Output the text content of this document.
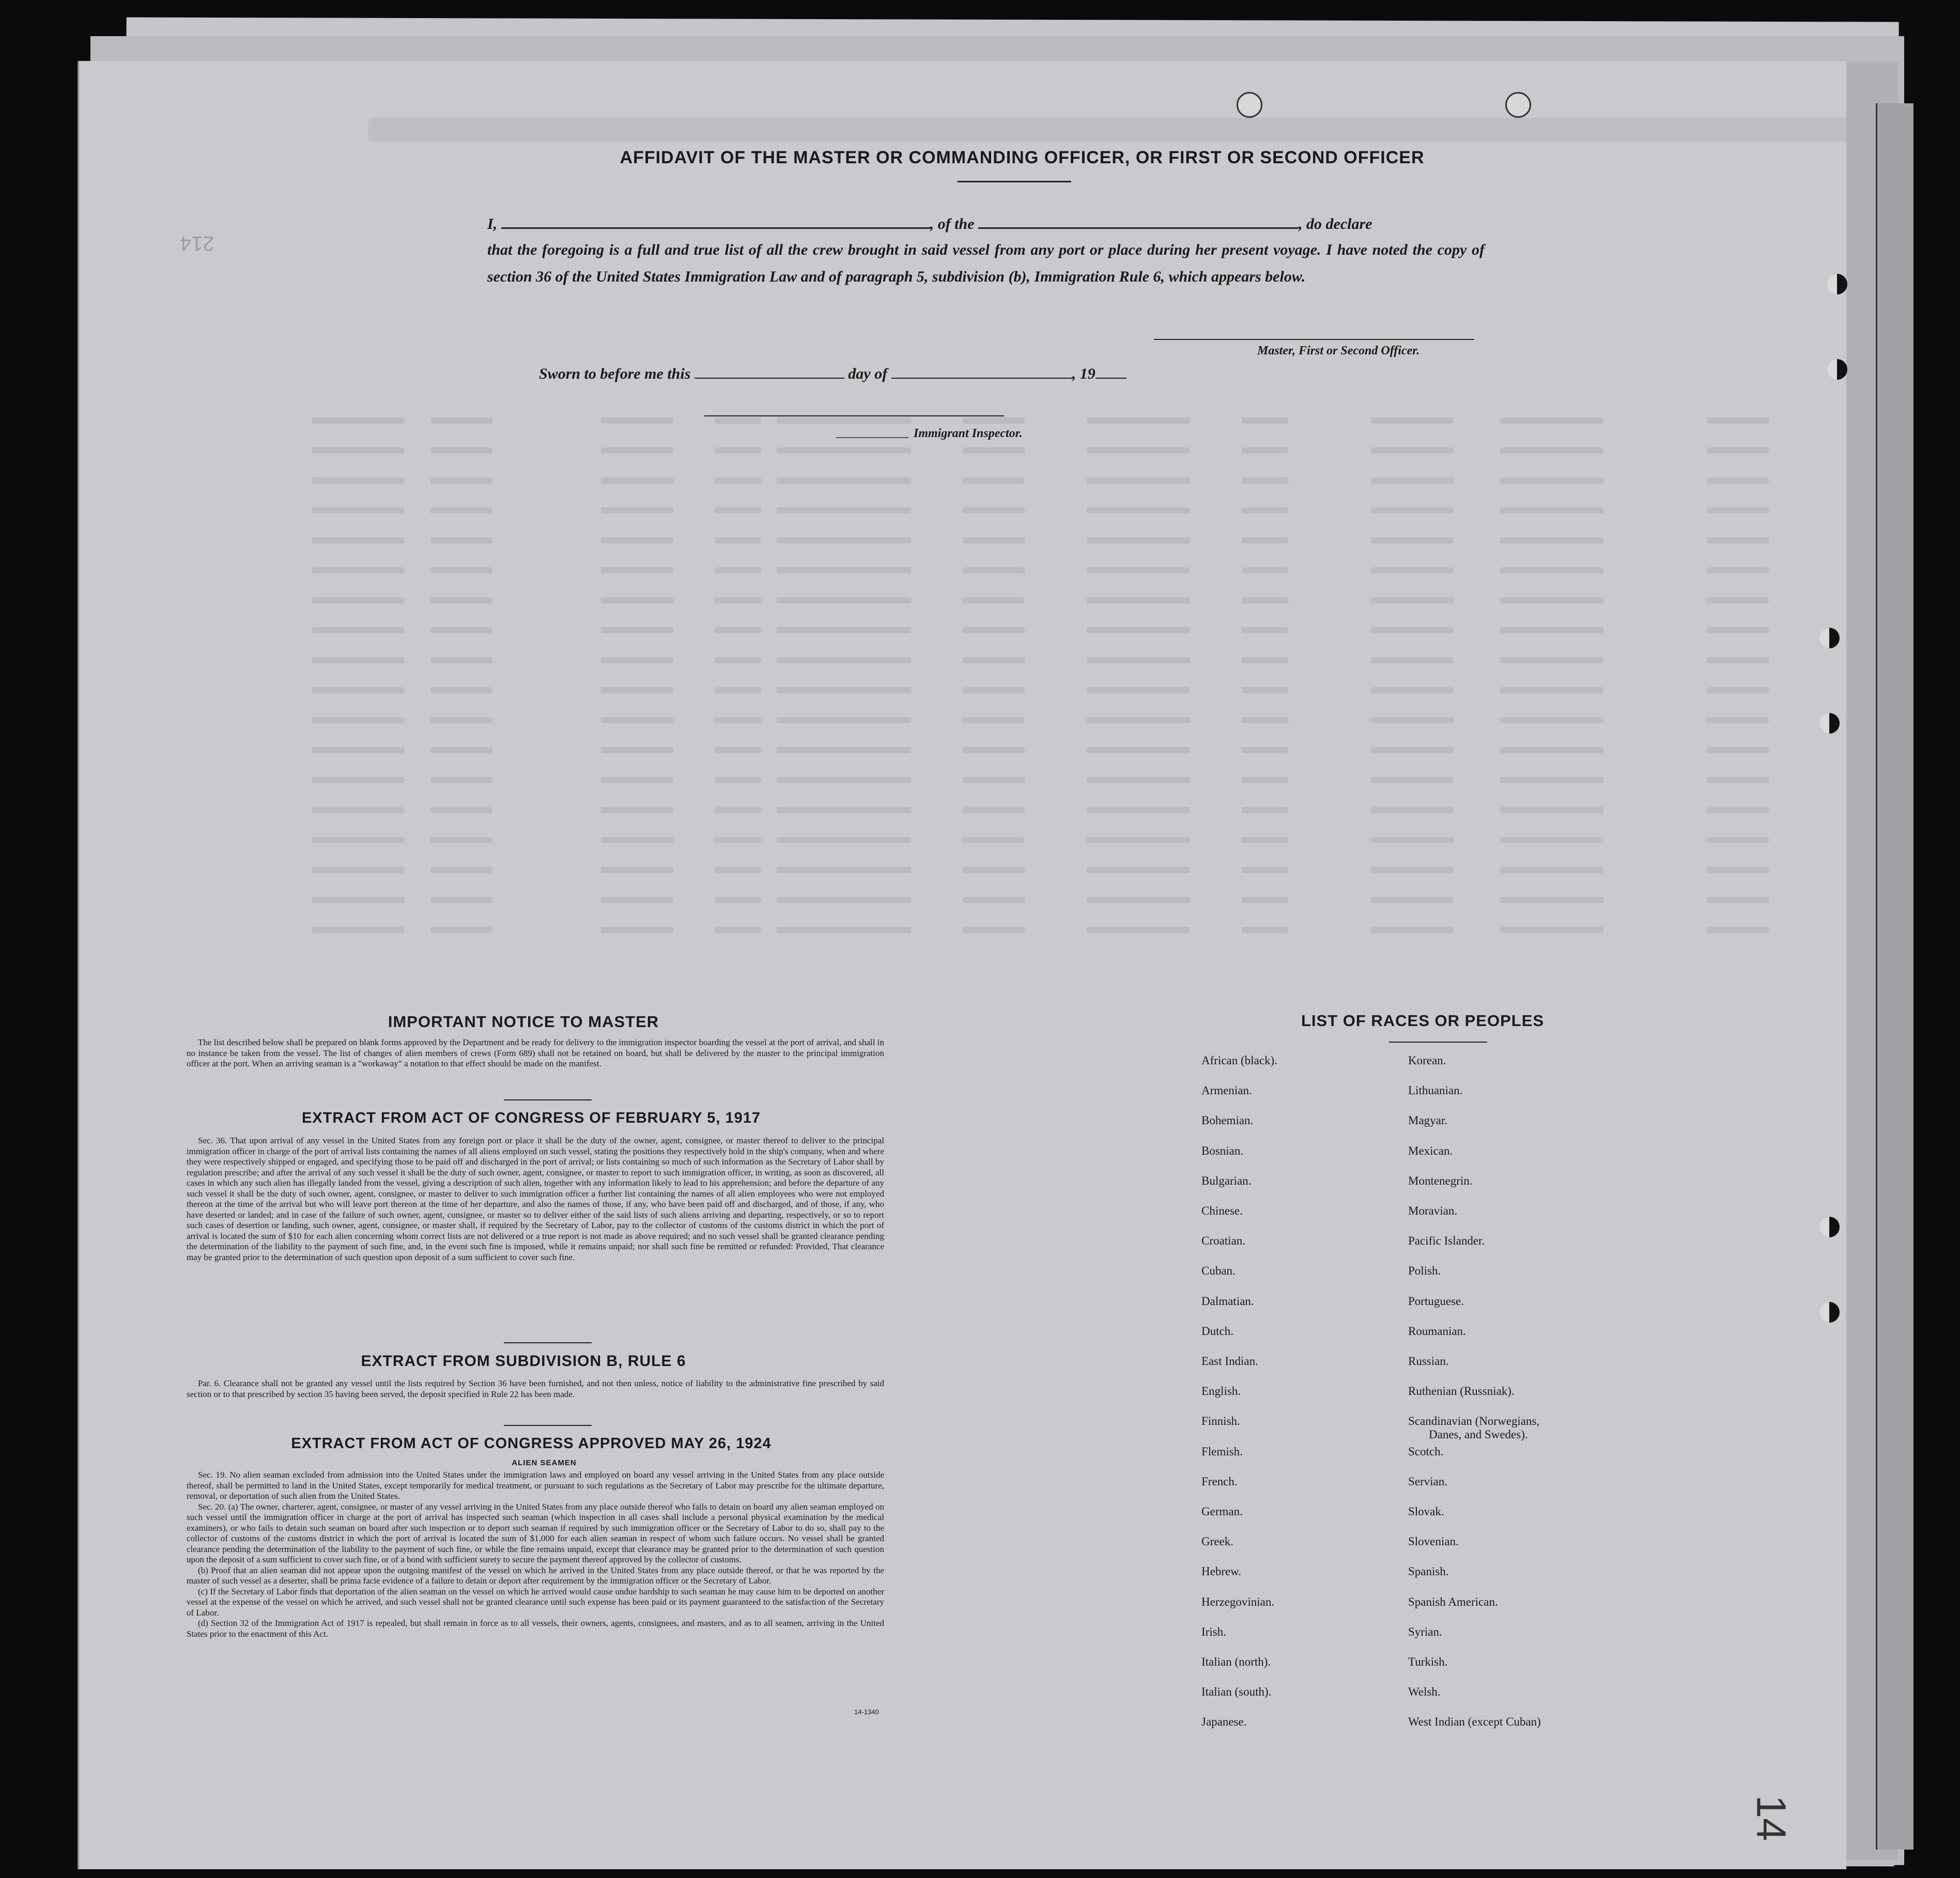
214
14
AFFIDAVIT OF THE MASTER OR COMMANDING OFFICER, OR FIRST OR SECOND OFFICER
I,	, of the	, do declare
that the foregoing is a full and true list of all the crew brought in said vessel from any port or place during her present voyage. I have noted the copy of section 36 of the United States Immigration Law and of paragraph 5, subdivision (b), Immigration Rule 6, which appears below.
Master, First or Second Officer.
Sworn to before me this	day of	, 19
Immigrant Inspector.
IMPORTANT NOTICE TO MASTER

The list described below shall be prepared on blank forms approved by the Department and be ready for delivery to the immigration inspector boarding the vessel at the port of arrival, and shall in no instance be taken from the vessel. The list of changes of alien members of crews (Form 689) shall not be retained on board, but shall be delivered by the master to the principal immigration officer at the port. When an arriving seaman is a "workaway" a notation to that effect should be made on the manifest.

EXTRACT FROM ACT OF CONGRESS OF FEBRUARY 5, 1917

Sec. 36. That upon arrival of any vessel in the United States from any foreign port or place it shall be the duty of the owner, agent, consignee, or master thereof to deliver to the principal immigration officer in charge of the port of arrival lists containing the names of all aliens employed on such vessel, stating the positions they respectively hold in the ship's company, when and where they were respectively shipped or engaged, and specifying those to be paid off and discharged in the port of arrival; or lists containing so much of such information as the Secretary of Labor shall by regulation prescribe; and after the arrival of any such vessel it shall be the duty of such owner, agent, consignee, or master to report to such immigration officer, in writing, as soon as discovered, all cases in which any such alien has illegally landed from the vessel, giving a description of such alien, together with any information likely to lead to his apprehension; and before the departure of any such vessel it shall be the duty of such owner, agent, consignee, or master to deliver to such immigration officer a further list containing the names of all alien employees who were not employed thereon at the time of the arrival but who will leave port thereon at the time of her departure, and also the names of those, if any, who have been paid off and discharged, and of those, if any, who have deserted or landed; and in case of the failure of such owner, agent, consignee, or master so to deliver either of the said lists of such aliens arriving and departing, respectively, or so to report such cases of desertion or landing, such owner, agent, consignee, or master shall, if required by the Secretary of Labor, pay to the collector of customs of the customs district in which the port of arrival is located the sum of $10 for each alien concerning whom correct lists are not delivered or a true report is not made as above required; and no such vessel shall be granted clearance pending the determination of the liability to the payment of such fine, and, in the event such fine is imposed, while it remains unpaid; nor shall such fine be remitted or refunded: Provided, That clearance may be granted prior to the determination of such question upon deposit of a sum sufficient to cover such fine.

EXTRACT FROM SUBDIVISION B, RULE 6

Par. 6. Clearance shall not be granted any vessel until the lists required by Section 36 have been furnished, and not then unless, notice of liability to the administrative fine prescribed by said section or to that prescribed by section 35 having been served, the deposit specified in Rule 22 has been made.

EXTRACT FROM ACT OF CONGRESS APPROVED MAY 26, 1924
ALIEN SEAMEN

Sec. 19. No alien seaman excluded from admission into the United States under the immigration laws and employed on board any vessel arriving in the United States from any place outside thereof, shall be permitted to land in the United States, except temporarily for medical treatment, or pursuant to such regulations as the Secretary of Labor may prescribe for the ultimate departure, removal, or deportation of such alien from the United States.

Sec. 20. (a) The owner, charterer, agent, consignee, or master of any vessel arriving in the United States from any place outside thereof who fails to detain on board any alien seaman employed on such vessel until the immigration officer in charge at the port of arrival has inspected such seaman (which inspection in all cases shall include a personal physical examination by the medical examiners), or who fails to detain such seaman on board after such inspection or to deport such seaman if required by such immigration officer or the Secretary of Labor to do so, shall pay to the collector of customs of the customs district in which the port of arrival is located the sum of $1,000 for each alien seaman in respect of whom such failure occurs. No vessel shall be granted clearance pending the determination of the liability to the payment of such fine, or while the fine remains unpaid, except that clearance may be granted prior to the determination of such question upon the deposit of a sum sufficient to cover such fine, or of a bond with sufficient surety to secure the payment thereof approved by the collector of customs.

(b) Proof that an alien seaman did not appear upon the outgoing manifest of the vessel on which he arrived in the United States from any place outside thereof, or that he was reported by the master of such vessel as a deserter, shall be prima facie evidence of a failure to detain or deport after requirement by the immigration officer or the Secretary of Labor.

(c) If the Secretary of Labor finds that deportation of the alien seaman on the vessel on which he arrived would cause undue hardship to such seaman he may cause him to be deported on another vessel at the expense of the vessel on which he arrived, and such vessel shall not be granted clearance until such expense has been paid or its payment guaranteed to the satisfaction of the Secretary of Labor.

(d) Section 32 of the Immigration Act of 1917 is repealed, but shall remain in force as to all vessels, their owners, agents, consignees, and masters, and as to all seamen, arriving in the United States prior to the enactment of this Act.

14-1340
LIST OF RACES OR PEOPLES
African (black).
Armenian.
Bohemian.
Bosnian.
Bulgarian.
Chinese.
Croatian.
Cuban.
Dalmatian.
Dutch.
East Indian.
English.
Finnish.
Flemish.
French.
German.
Greek.
Hebrew.
Herzegovinian.
Irish.
Italian (north).
Italian (south).
Japanese.
Korean.
Lithuanian.
Magyar.
Mexican.
Montenegrin.
Moravian.
Pacific Islander.
Polish.
Portuguese.
Roumanian.
Russian.
Ruthenian (Russniak).
Scandinavian (Norwegians,
Scotch.
Servian.
Slovak.
Slovenian.
Spanish.
Spanish American.
Syrian.
Turkish.
Welsh.
West Indian (except Cuban)
Danes, and Swedes).
